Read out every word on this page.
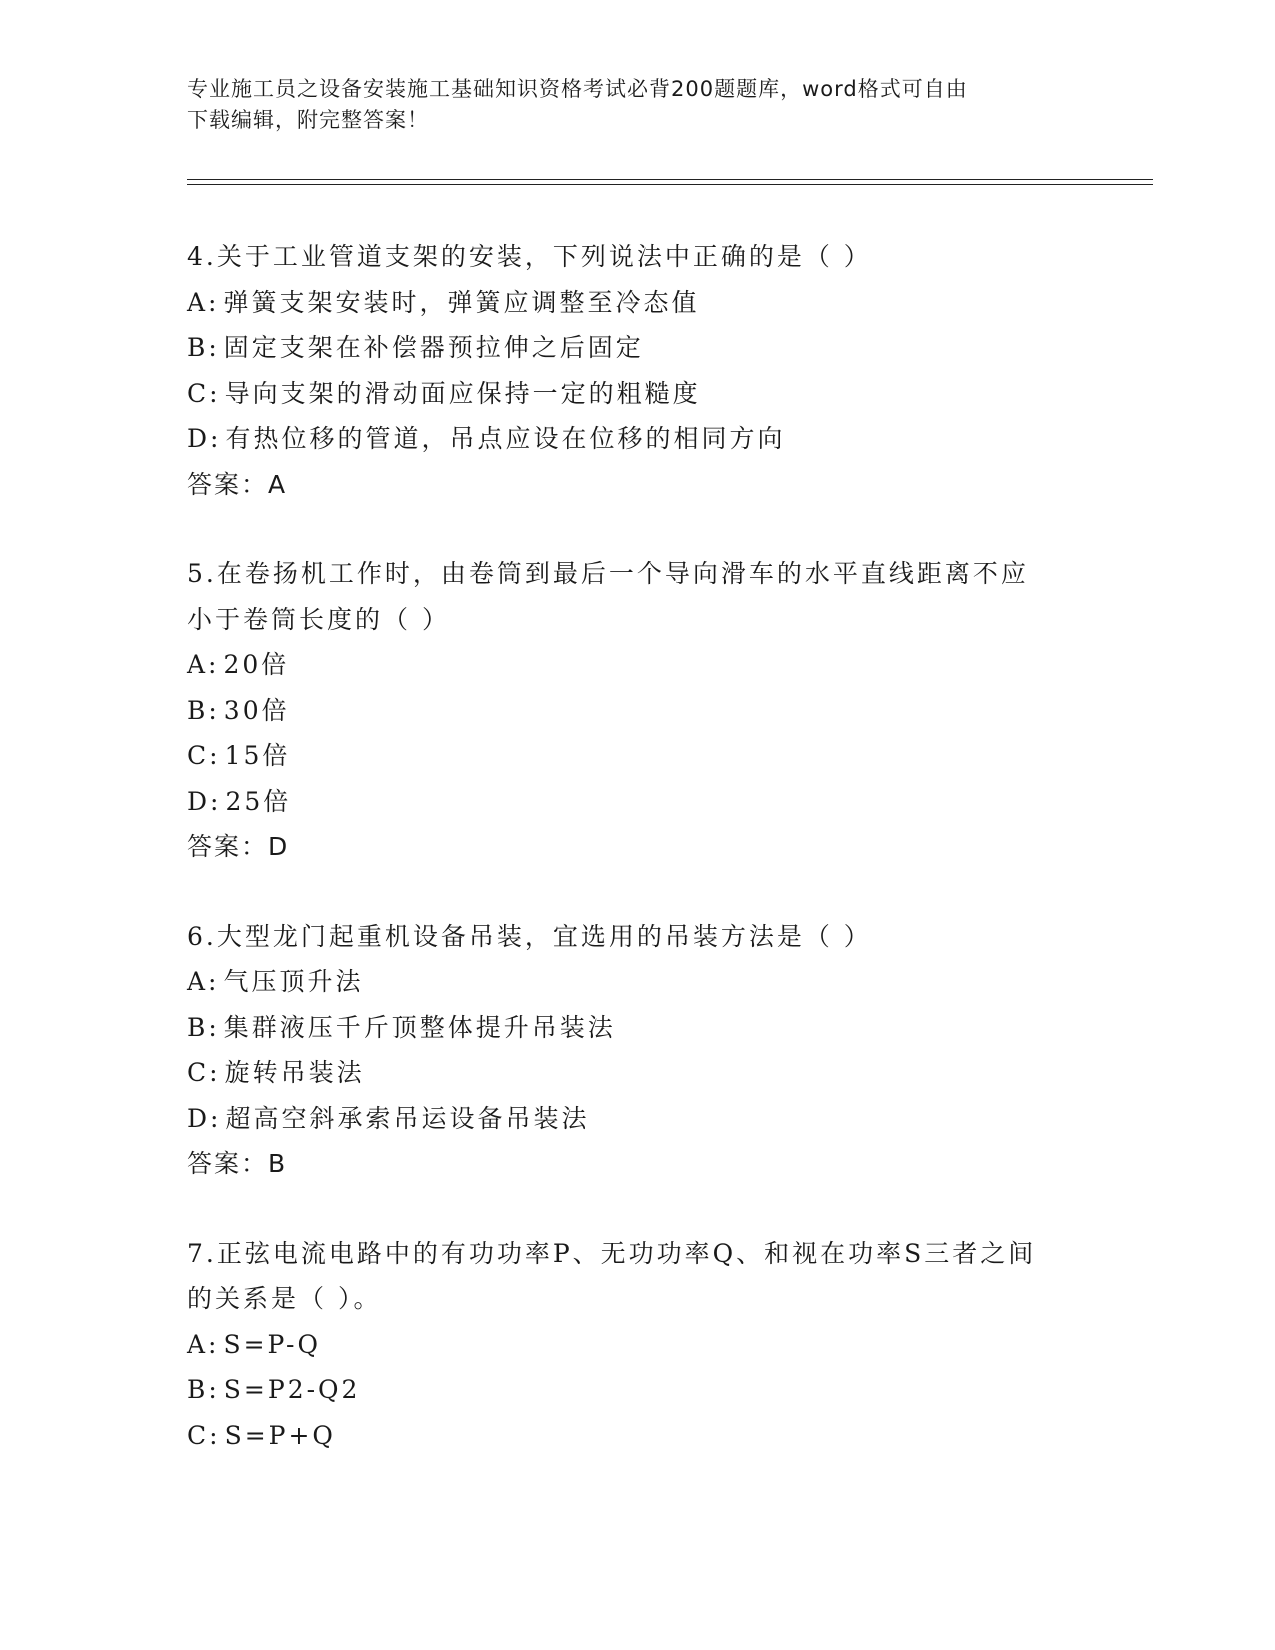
专业施工员之设备安装施工基础知识资格考试必背200题题库，word格式可自由
下载编辑，附完整答案！
4.关于工业管道支架的安装，下列说法中正确的是（ ）
A: 弹簧支架安装时，弹簧应调整至冷态值
B: 固定支架在补偿器预拉伸之后固定
C: 导向支架的滑动面应保持一定的粗糙度
D: 有热位移的管道，吊点应设在位移的相同方向
答案：A
5.在卷扬机工作时，由卷筒到最后一个导向滑车的水平直线距离不应
小于卷筒长度的（ ）
A: 20倍
B: 30倍
C: 15倍
D: 25倍
答案：D
6.大型龙门起重机设备吊装，宜选用的吊装方法是（ ）
A: 气压顶升法
B: 集群液压千斤顶整体提升吊装法
C: 旋转吊装法
D: 超高空斜承索吊运设备吊装法
答案：B
7.正弦电流电路中的有功功率P、无功功率Q、和视在功率S三者之间
的关系是（ ）。
A: S=P-Q
B: S=P2-Q2
C: S=P+Q
